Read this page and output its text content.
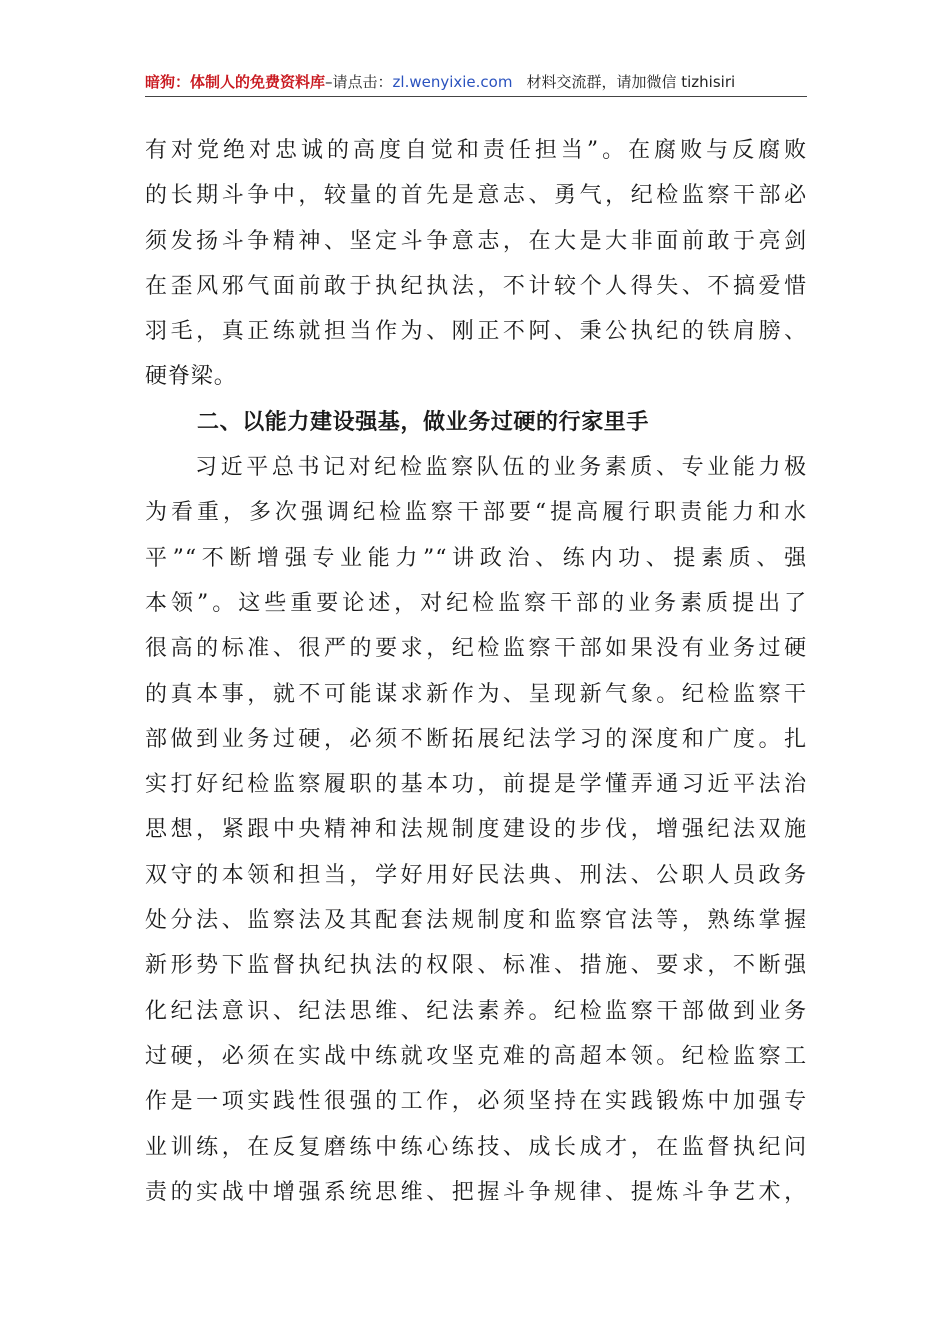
暗狗：体制人的免费资料库–请点击：zl.wenyixie.com 材料交流群，请加微信 tizhisiri
有对党绝对忠诚的高度自觉和责任担当”。在腐败与反腐败
的长期斗争中，较量的首先是意志、勇气，纪检监察干部必
须发扬斗争精神、坚定斗争意志，在大是大非面前敢于亮剑
在歪风邪气面前敢于执纪执法，不计较个人得失、不搞爱惜
羽毛，真正练就担当作为、刚正不阿、秉公执纪的铁肩膀、
硬脊梁。
二、以能力建设强基，做业务过硬的行家里手
习近平总书记对纪检监察队伍的业务素质、专业能力极
为看重，多次强调纪检监察干部要“提高履行职责能力和水
平”“不断增强专业能力”“讲政治、练内功、提素质、强
本领”。这些重要论述，对纪检监察干部的业务素质提出了
很高的标准、很严的要求，纪检监察干部如果没有业务过硬
的真本事，就不可能谋求新作为、呈现新气象。纪检监察干
部做到业务过硬，必须不断拓展纪法学习的深度和广度。扎
实打好纪检监察履职的基本功，前提是学懂弄通习近平法治
思想，紧跟中央精神和法规制度建设的步伐，增强纪法双施
双守的本领和担当，学好用好民法典、刑法、公职人员政务
处分法、监察法及其配套法规制度和监察官法等，熟练掌握
新形势下监督执纪执法的权限、标准、措施、要求，不断强
化纪法意识、纪法思维、纪法素养。纪检监察干部做到业务
过硬，必须在实战中练就攻坚克难的高超本领。纪检监察工
作是一项实践性很强的工作，必须坚持在实践锻炼中加强专
业训练，在反复磨练中练心练技、成长成才，在监督执纪问
责的实战中增强系统思维、把握斗争规律、提炼斗争艺术，
